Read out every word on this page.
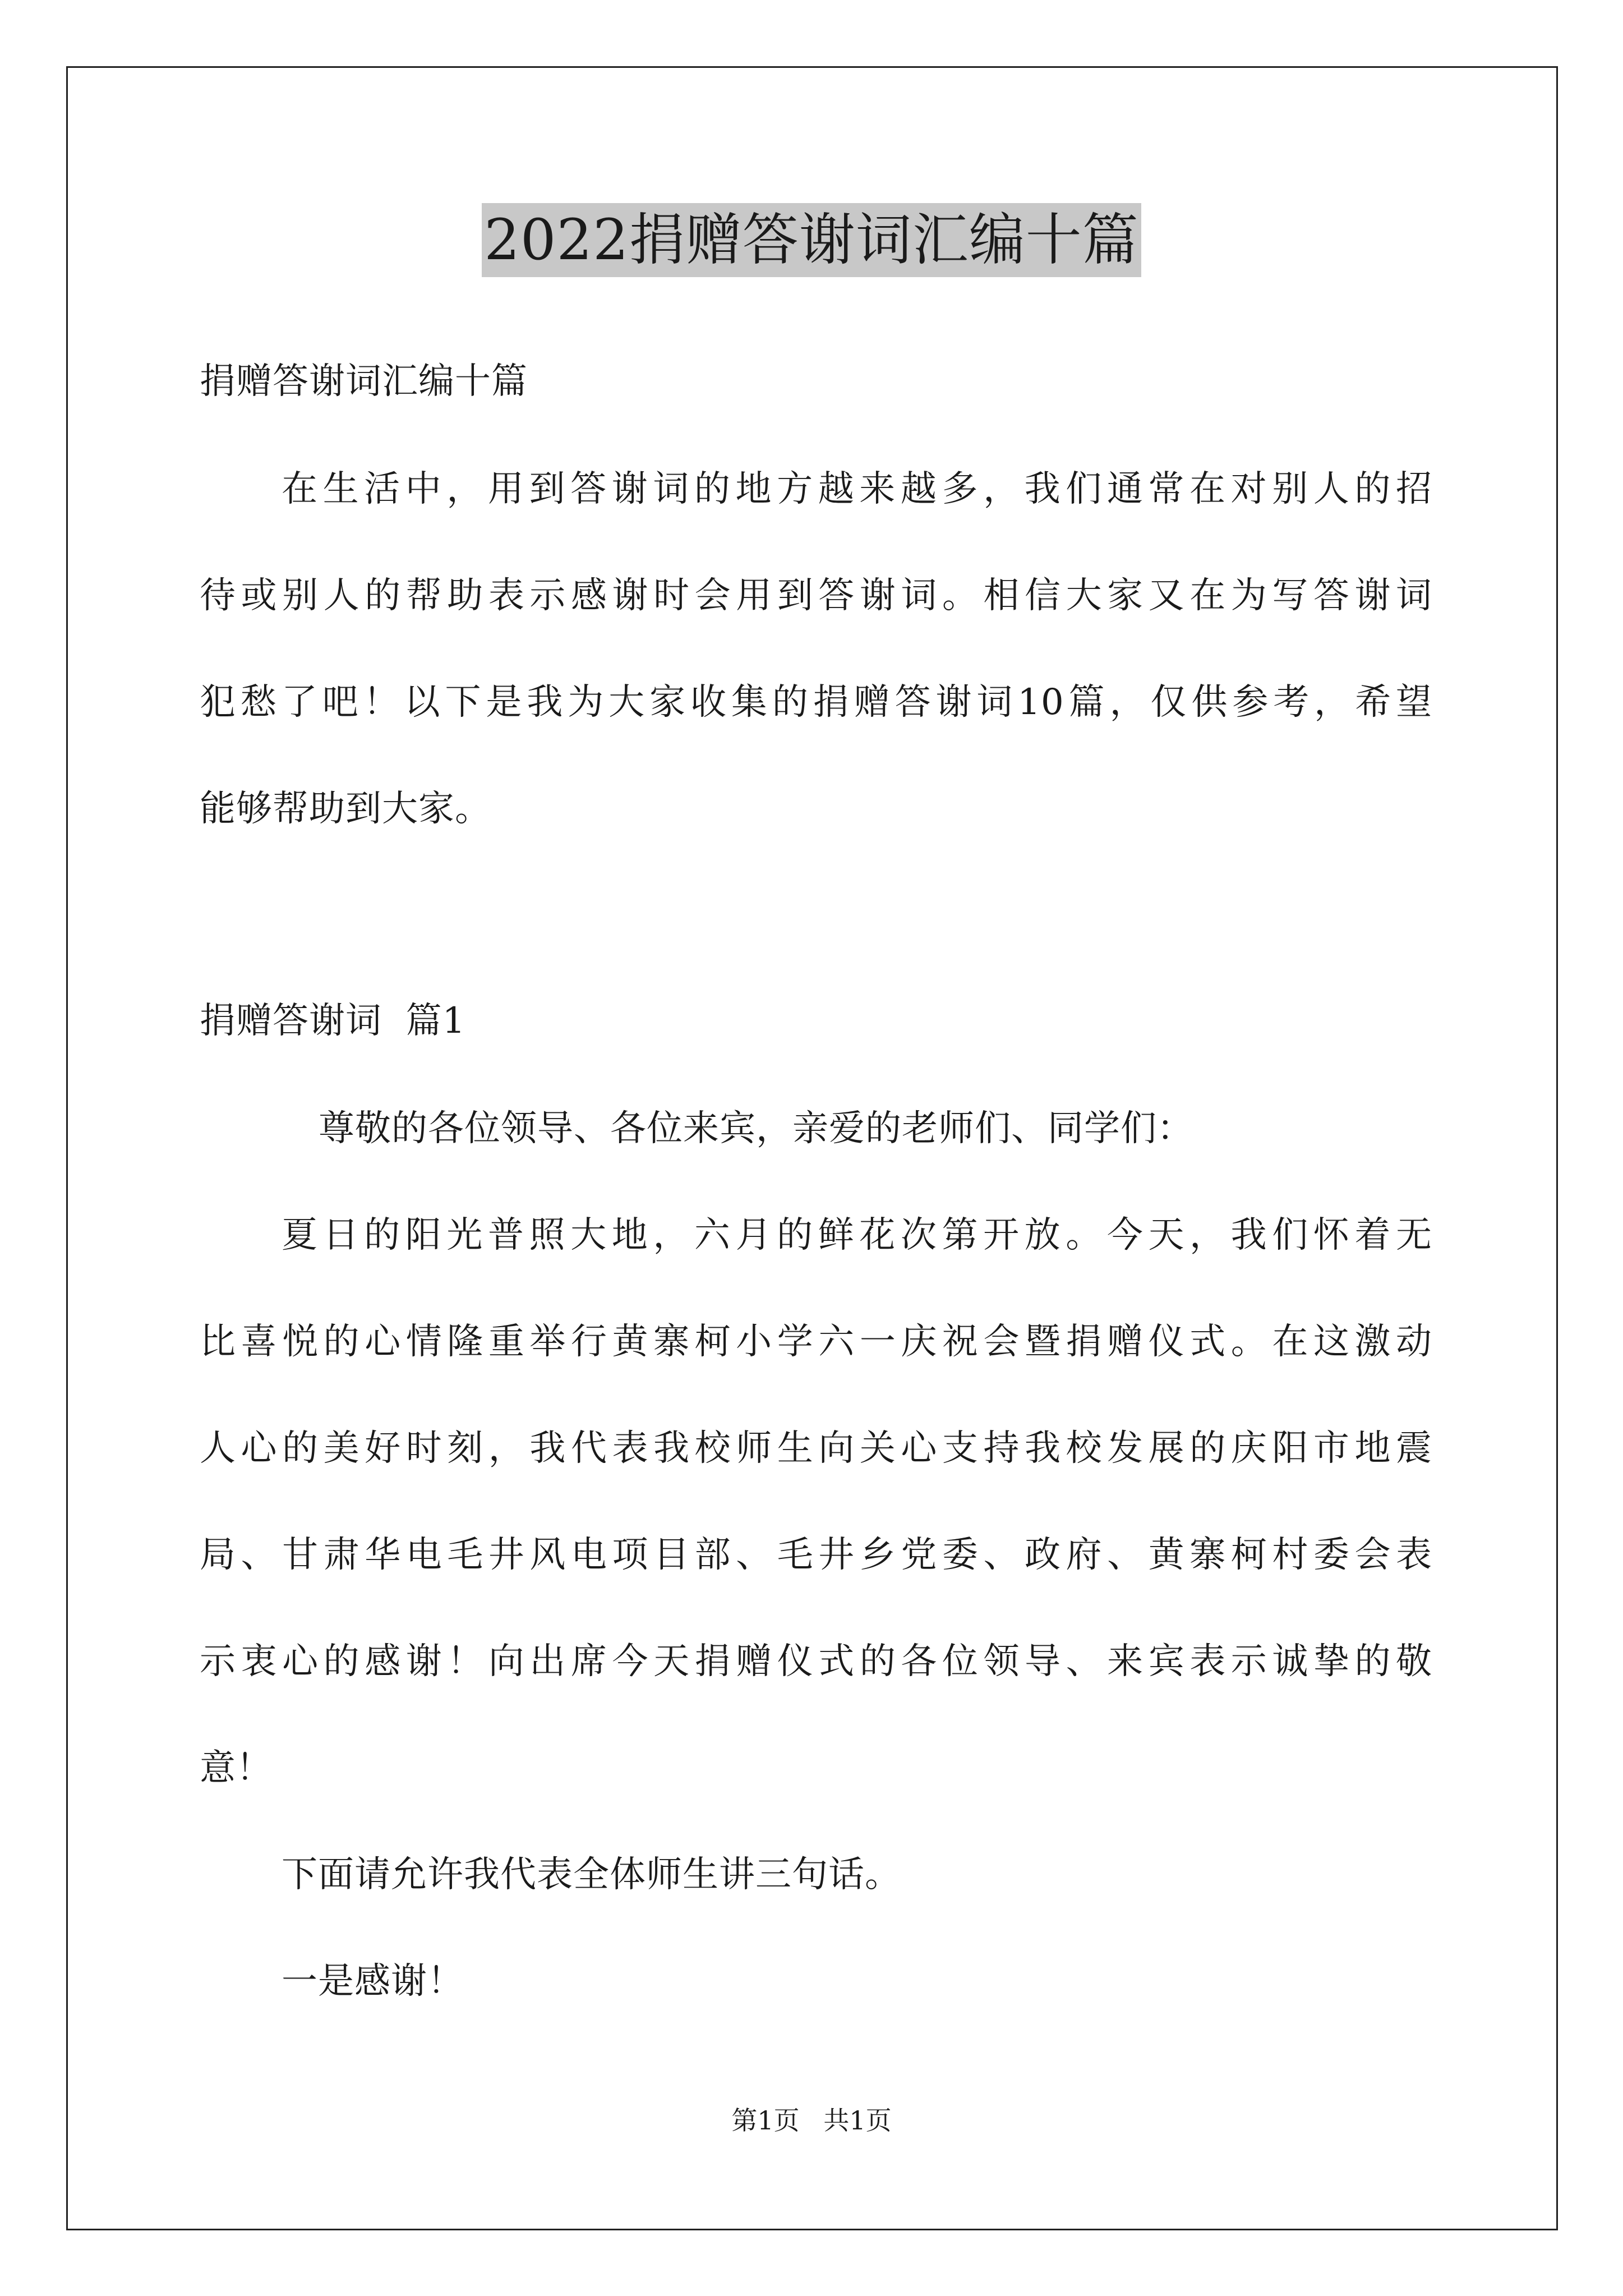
2022捐赠答谢词汇编十篇
捐赠答谢词汇编十篇
在生活中，用到答谢词的地方越来越多，我们通常在对别人的招
待或别人的帮助表示感谢时会用到答谢词。相信大家又在为写答谢词
犯愁了吧！以下是我为大家收集的捐赠答谢词10篇，仅供参考，希望
能够帮助到大家。
捐赠答谢词  篇1
尊敬的各位领导、各位来宾，亲爱的老师们、同学们：
夏日的阳光普照大地，六月的鲜花次第开放。今天，我们怀着无
比喜悦的心情隆重举行黄寨柯小学六一庆祝会暨捐赠仪式。在这激动
人心的美好时刻，我代表我校师生向关心支持我校发展的庆阳市地震
局、甘肃华电毛井风电项目部、毛井乡党委、政府、黄寨柯村委会表
示衷心的感谢！向出席今天捐赠仪式的各位领导、来宾表示诚挚的敬
意！
下面请允许我代表全体师生讲三句话。
一是感谢！
第1页 共1页
